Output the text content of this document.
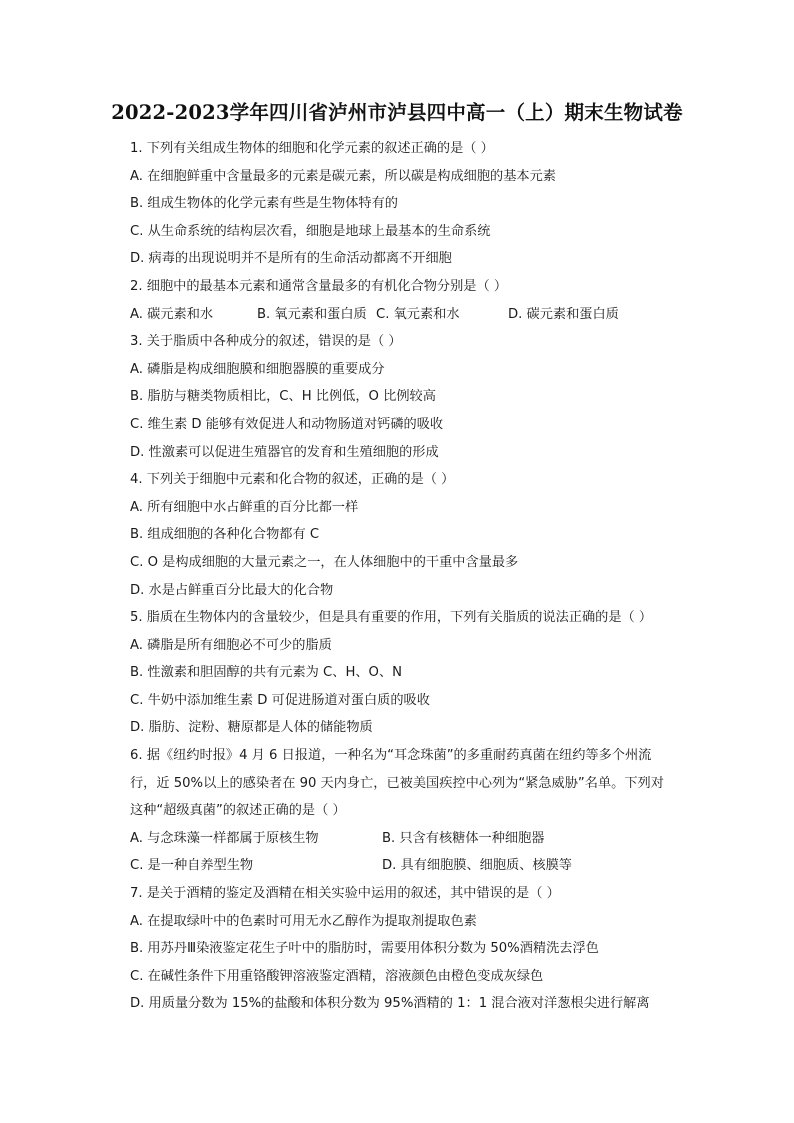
2022-2023学年四川省泸州市泸县四中高一（上）期末生物试卷
1. 下列有关组成生物体的细胞和化学元素的叙述正确的是（ ）
A. 在细胞鲜重中含量最多的元素是碳元素，所以碳是构成细胞的基本元素
B. 组成生物体的化学元素有些是生物体特有的
C. 从生命系统的结构层次看，细胞是地球上最基本的生命系统
D. 病毒的出现说明并不是所有的生命活动都离不开细胞
2. 细胞中的最基本元素和通常含量最多的有机化合物分别是（ ）
A. 碳元素和水	B. 氧元素和蛋白质 C. 氧元素和水	D. 碳元素和蛋白质
3. 关于脂质中各种成分的叙述，错误的是（ ）
A. 磷脂是构成细胞膜和细胞器膜的重要成分
B. 脂肪与糖类物质相比，C、H 比例低，O 比例较高
C. 维生素 D 能够有效促进人和动物肠道对钙磷的吸收
D. 性激素可以促进生殖器官的发育和生殖细胞的形成
4. 下列关于细胞中元素和化合物的叙述，正确的是（ ）
A. 所有细胞中水占鲜重的百分比都一样
B. 组成细胞的各种化合物都有 C
C. O 是构成细胞的大量元素之一，在人体细胞中的干重中含量最多
D. 水是占鲜重百分比最大的化合物
5. 脂质在生物体内的含量较少，但是具有重要的作用，下列有关脂质的说法正确的是（ ）
A. 磷脂是所有细胞必不可少的脂质
B. 性激素和胆固醇的共有元素为 C、H、O、N
C. 牛奶中添加维生素 D 可促进肠道对蛋白质的吸收
D. 脂肪、淀粉、糖原都是人体的储能物质
6. 据《纽约时报》4 月 6 日报道，一种名为“耳念珠菌”的多重耐药真菌在纽约等多个州流
行，近 50%以上的感染者在 90 天内身亡，已被美国疾控中心列为“紧急威胁”名单。下列对
这种“超级真菌”的叙述正确的是（ ）
A. 与念珠藻一样都属于原核生物	B. 只含有核糖体一种细胞器
C. 是一种自养型生物	D. 具有细胞膜、细胞质、核膜等
7. 是关于酒精的鉴定及酒精在相关实验中运用的叙述，其中错误的是（ ）
A. 在提取绿叶中的色素时可用无水乙醇作为提取剂提取色素
B. 用苏丹Ⅲ染液鉴定花生子叶中的脂肪时，需要用体积分数为 50%酒精洗去浮色
C. 在碱性条件下用重铬酸钾溶液鉴定酒精，溶液颜色由橙色变成灰绿色
D. 用质量分数为 15%的盐酸和体积分数为 95%酒精的 1：1 混合液对洋葱根尖进行解离
